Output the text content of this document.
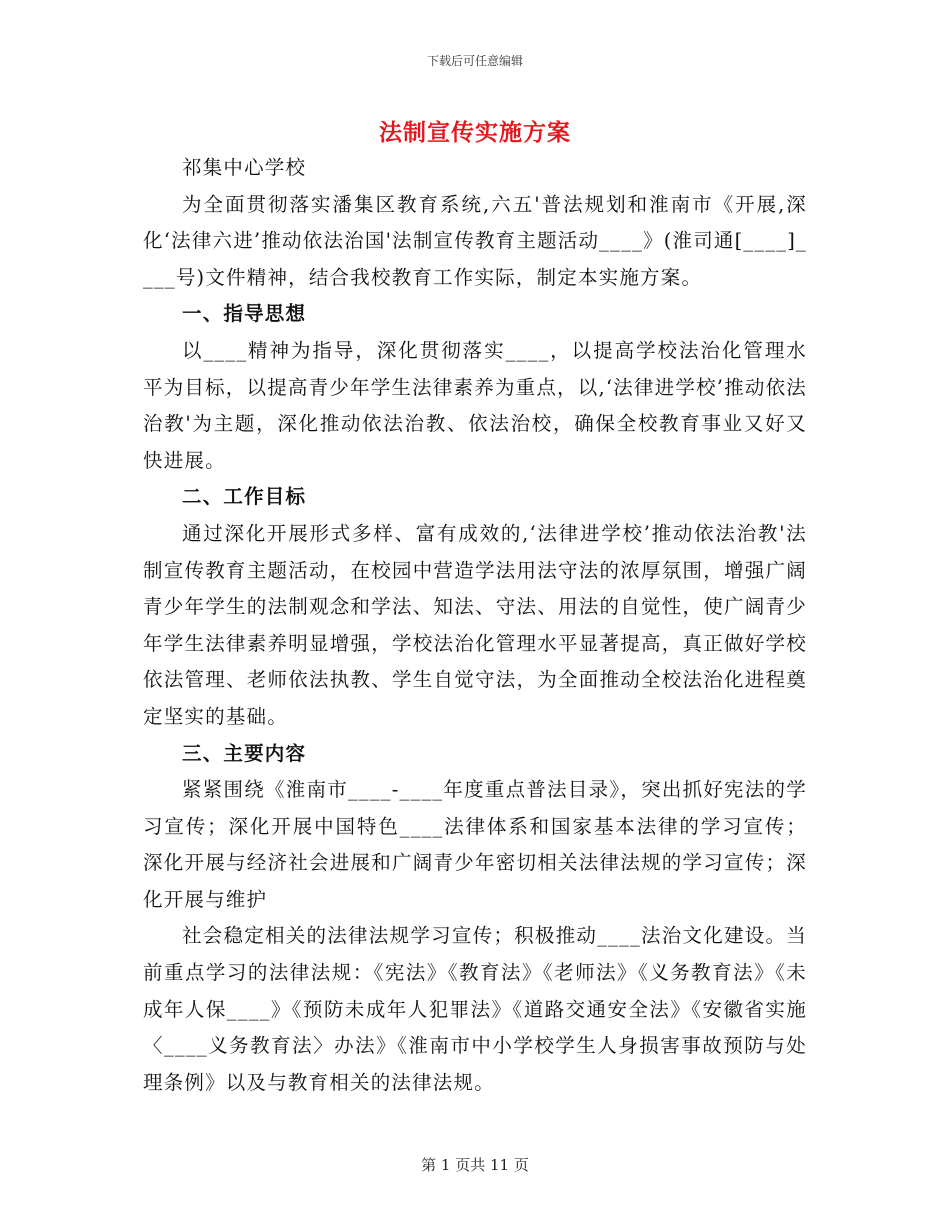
下载后可任意编辑
法制宣传实施方案

祁集中心学校

为全面贯彻落实潘集区教育系统,六五'普法规划和淮南市《开展,深化‘法律六进’推动依法治国'法制宣传教育主题活动____》(淮司通[____]____号)文件精神，结合我校教育工作实际，制定本实施方案。

一、指导思想

以____精神为指导，深化贯彻落实____，以提高学校法治化管理水平为目标，以提高青少年学生法律素养为重点，以,‘法律进学校’推动依法治教'为主题，深化推动依法治教、依法治校，确保全校教育事业又好又快进展。

二、工作目标

通过深化开展形式多样、富有成效的,‘法律进学校’推动依法治教'法制宣传教育主题活动，在校园中营造学法用法守法的浓厚氛围，增强广阔青少年学生的法制观念和学法、知法、守法、用法的自觉性，使广阔青少年学生法律素养明显增强，学校法治化管理水平显著提高，真正做好学校依法管理、老师依法执教、学生自觉守法，为全面推动全校法治化进程奠定坚实的基础。

三、主要内容

紧紧围绕《淮南市____-____年度重点普法目录》，突出抓好宪法的学习宣传；深化开展中国特色____法律体系和国家基本法律的学习宣传；深化开展与经济社会进展和广阔青少年密切相关法律法规的学习宣传；深化开展与维护

社会稳定相关的法律法规学习宣传；积极推动____法治文化建设。当前重点学习的法律法规：《宪法》《教育法》《老师法》《义务教育法》《未成年人保____》《预防未成年人犯罪法》《道路交通安全法》《安徽省实施〈____义务教育法〉办法》《淮南市中小学校学生人身损害事故预防与处理条例》以及与教育相关的法律法规。

第 1 页共 11 页
